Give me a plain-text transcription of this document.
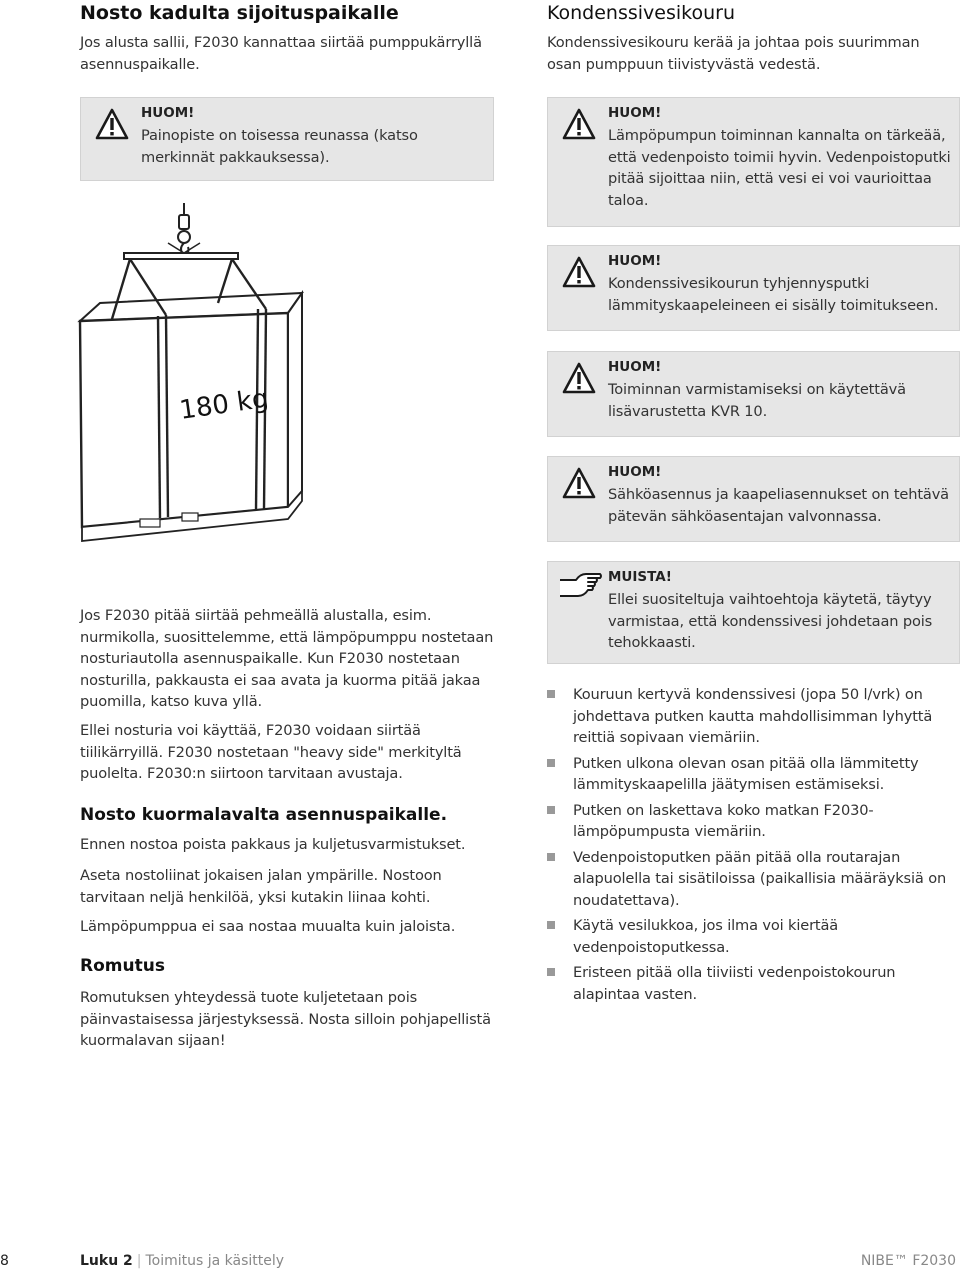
Nosto kadulta sijoituspaikalle
Jos alusta sallii, F2030 kannattaa siirtää pumppukärryllä asennuspaikalle.
HUOM!
Painopiste on toisessa reunassa (katso merkinnät pakkauksessa).
180 kg
Jos F2030 pitää siirtää pehmeällä alustalla, esim. nurmikolla, suosittelemme, että lämpöpumppu nostetaan nosturiautolla asennuspaikalle. Kun F2030 nostetaan nosturilla, pakkausta ei saa avata ja kuorma pitää jakaa puomilla, katso kuva yllä.
Ellei nosturia voi käyttää, F2030 voidaan siirtää tiilikärryillä. F2030 nostetaan "heavy side" merkityltä puolelta. F2030:n siirtoon tarvitaan avustaja.
Nosto kuormalavalta asennuspaikalle.
Ennen nostoa poista pakkaus ja kuljetusvarmistukset.
Aseta nostoliinat jokaisen jalan ympärille. Nostoon tarvitaan neljä henkilöä, yksi kutakin liinaa kohti.
Lämpöpumppua ei saa nostaa muualta kuin jaloista.
Romutus
Romutuksen yhteydessä tuote kuljetetaan pois päinvastaisessa järjestyksessä. Nosta silloin pohjapellistä kuormalavan sijaan!
Kondenssivesikouru
Kondenssivesikouru kerää ja johtaa pois suurimman osan pumppuun tiivistyvästä vedestä.
HUOM!
Lämpöpumpun toiminnan kannalta on tärkeää, että vedenpoisto toimii hyvin. Vedenpoistoputki pitää sijoittaa niin, että vesi ei voi vaurioittaa taloa.
HUOM!
Kondenssivesikourun tyhjennysputki lämmityskaapeleineen ei sisälly toimitukseen.
HUOM!
Toiminnan varmistamiseksi on käytettävä lisävarustetta KVR 10.
HUOM!
Sähköasennus ja kaapeliasennukset on tehtävä pätevän sähköasentajan valvonnassa.
MUISTA!
Ellei suositeltuja vaihtoehtoja käytetä, täytyy varmistaa, että kondenssivesi johdetaan pois tehokkaasti.
Kouruun kertyvä kondenssivesi (jopa 50 l/vrk) on johdettava putken kautta mahdollisimman lyhyttä reittiä sopivaan viemäriin.
Putken ulkona olevan osan pitää olla lämmitetty lämmityskaapelilla jäätymisen estämiseksi.
Putken on laskettava koko matkan F2030-lämpöpumpusta viemäriin.
Vedenpoistoputken pään pitää olla routarajan alapuolella tai sisätiloissa (paikallisia määräyksiä on noudatettava).
Käytä vesilukkoa, jos ilma voi kiertää vedenpoistoputkessa.
Eristeen pitää olla tiiviisti vedenpoistokourun alapintaa vasten.
8	Luku 2 | Toimitus ja käsittely	NIBE™ F2030
